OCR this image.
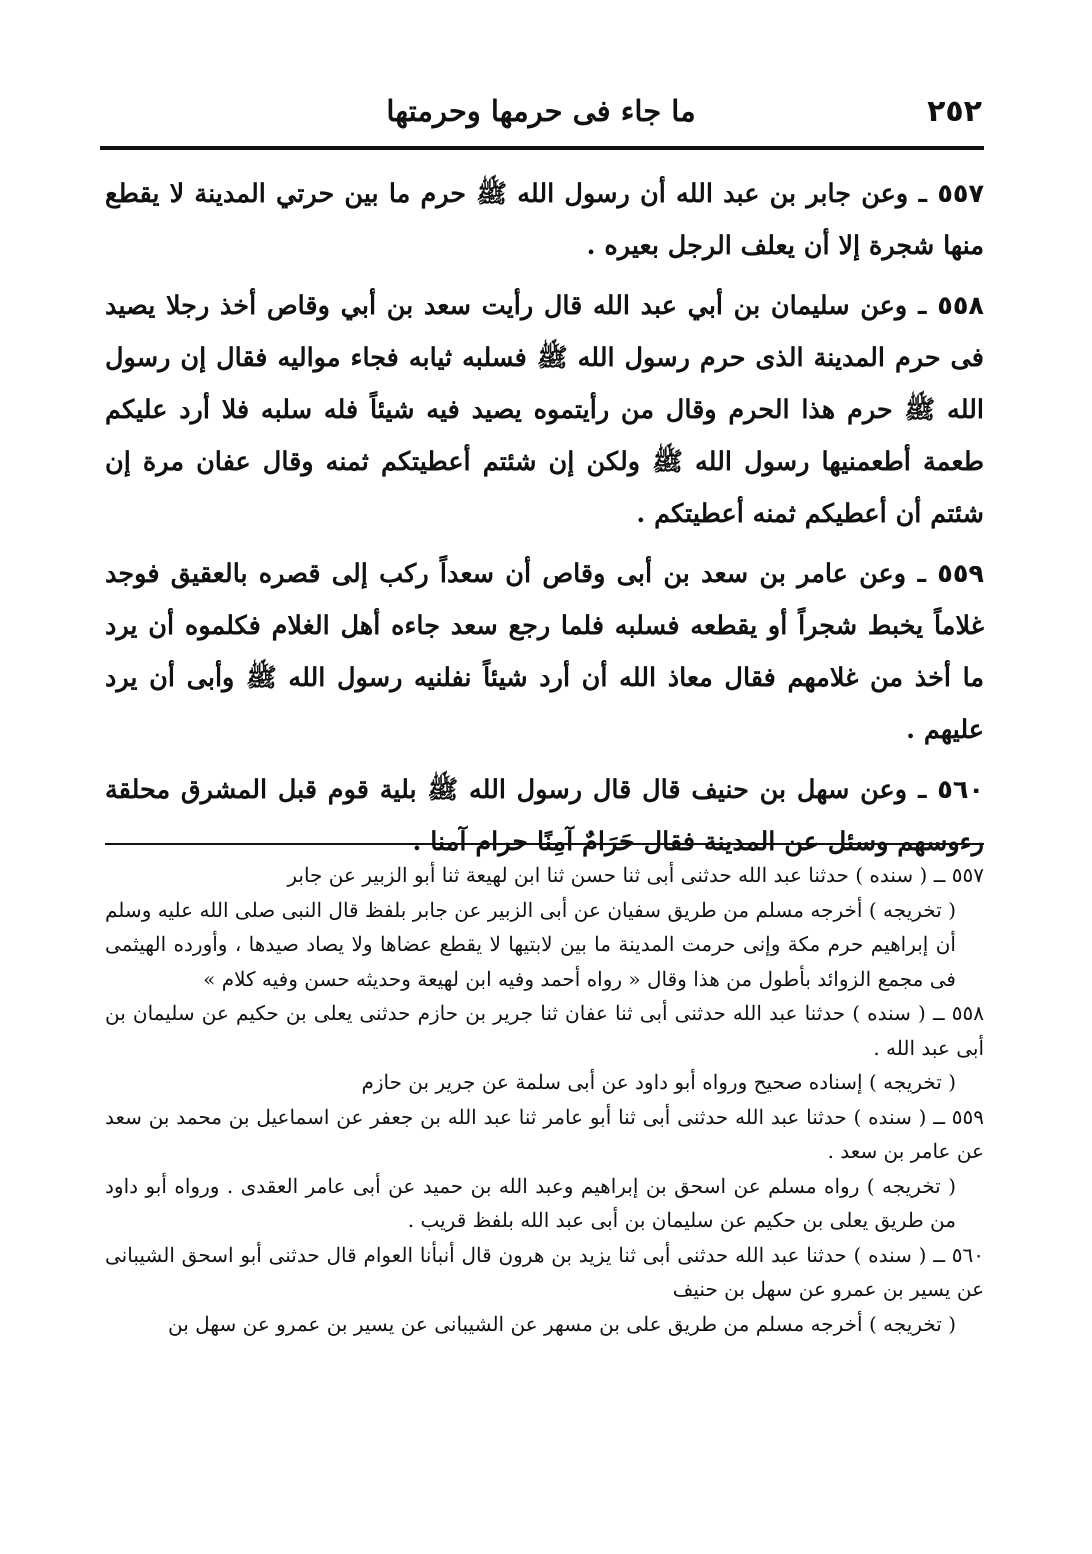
٢٥٢
ما جاء فى حرمها وحرمتها

٥٥٧ ـ وعن جابر بن عبد الله أن رسول الله ﷺ حرم ما بين حرتي المدينة لا يقطع منها شجرة إلا أن يعلف الرجل بعيره .

٥٥٨ ـ وعن سليمان بن أبي عبد الله قال رأيت سعد بن أبي وقاص أخذ رجلا يصيد فى حرم المدينة الذى حرم رسول الله ﷺ فسلبه ثيابه فجاء مواليه فقال إن رسول الله ﷺ حرم هذا الحرم وقال من رأيتموه يصيد فيه شيئاً فله سلبه فلا أرد عليكم طعمة أطعمنيها رسول الله ﷺ ولكن إن شئتم أعطيتكم ثمنه وقال عفان مرة إن شئتم أن أعطيكم ثمنه أعطيتكم .

٥٥٩ ـ وعن عامر بن سعد بن أبى وقاص أن سعداً ركب إلى قصره بالعقيق فوجد غلاماً يخبط شجراً أو يقطعه فسلبه فلما رجع سعد جاءه أهل الغلام فكلموه أن يرد ما أخذ من غلامهم فقال معاذ الله أن أرد شيئاً نفلنيه رسول الله ﷺ وأبى أن يرد عليهم .

٥٦٠ ـ وعن سهل بن حنيف قال قال رسول الله ﷺ بلية قوم قبل المشرق محلقة رءوسهم وسئل عن المدينة فقال حَرَامٌ آمِنًا حرام آمنا .

٥٥٧ ــ ( سنده ) حدثنا عبد الله حدثنى أبى ثنا حسن ثنا ابن لهيعة ثنا أبو الزبير عن جابر

( تخريجه ) أخرجه مسلم من طريق سفيان عن أبى الزبير عن جابر بلفظ قال النبى صلى الله عليه وسلم أن إبراهيم حرم مكة وإنى حرمت المدينة ما بين لابتيها لا يقطع عضاها ولا يصاد صيدها ، وأورده الهيثمى فى مجمع الزوائد بأطول من هذا وقال « رواه أحمد وفيه ابن لهيعة وحديثه حسن وفيه كلام »

٥٥٨ ــ ( سنده ) حدثنا عبد الله حدثنى أبى ثنا عفان ثنا جرير بن حازم حدثنى يعلى بن حكيم عن سليمان بن أبى عبد الله .

( تخريجه ) إسناده صحيح ورواه أبو داود عن أبى سلمة عن جرير بن حازم

٥٥٩ ــ ( سنده ) حدثنا عبد الله حدثنى أبى ثنا أبو عامر ثنا عبد الله بن جعفر عن اسماعيل بن محمد بن سعد عن عامر بن سعد .

( تخريجه ) رواه مسلم عن اسحق بن إبراهيم وعبد الله بن حميد عن أبى عامر العقدى . ورواه أبو داود من طريق يعلى بن حكيم عن سليمان بن أبى عبد الله بلفظ قريب .

٥٦٠ ــ ( سنده ) حدثنا عبد الله حدثنى أبى ثنا يزيد بن هرون قال أنبأنا العوام قال حدثنى أبو اسحق الشيبانى عن يسير بن عمرو عن سهل بن حنيف

( تخريجه ) أخرجه مسلم من طريق على بن مسهر عن الشيبانى عن يسير بن عمرو عن سهل بن
